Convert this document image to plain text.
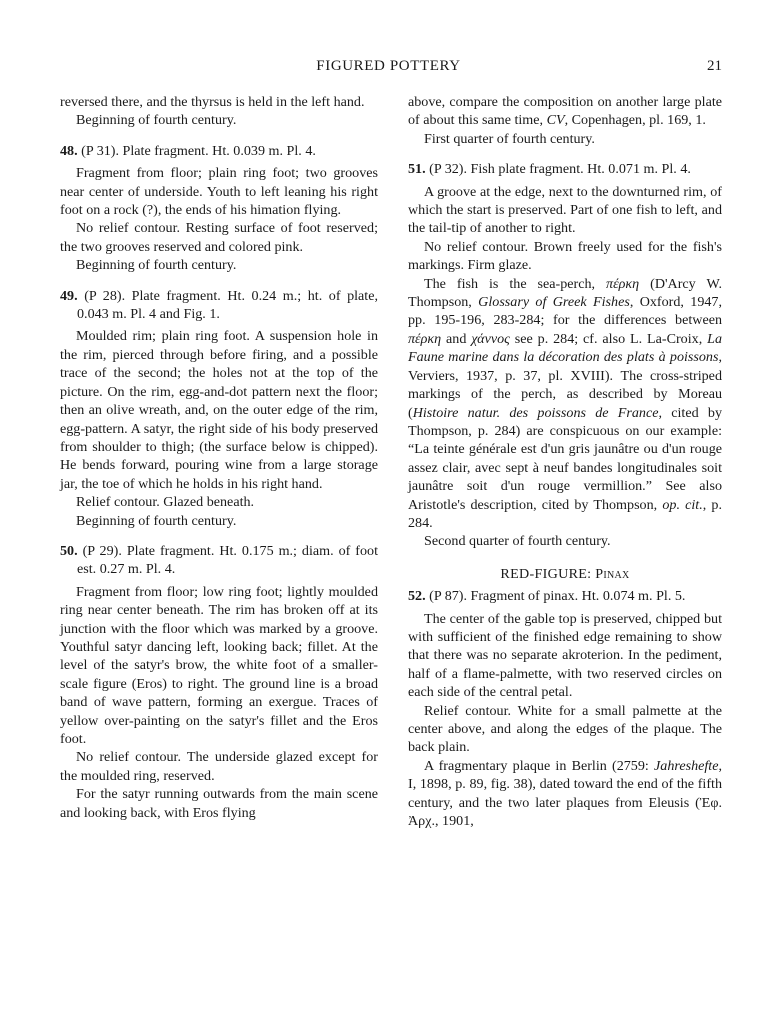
FIGURED POTTERY	21

reversed there, and the thyrsus is held in the left hand.

Beginning of fourth century.

48. (P 31). Plate fragment. Ht. 0.039 m. Pl. 4.

Fragment from floor; plain ring foot; two grooves near center of underside. Youth to left leaning his right foot on a rock (?), the ends of his himation flying.

No relief contour. Resting surface of foot reserved; the two grooves reserved and colored pink.

Beginning of fourth century.

49. (P 28). Plate fragment. Ht. 0.24 m.; ht. of plate, 0.043 m. Pl. 4 and Fig. 1.

Moulded rim; plain ring foot. A suspension hole in the rim, pierced through before firing, and a possible trace of the second; the holes not at the top of the picture. On the rim, egg-and-dot pattern next the floor; then an olive wreath, and, on the outer edge of the rim, egg-pattern. A satyr, the right side of his body preserved from shoulder to thigh; (the surface below is chipped). He bends forward, pouring wine from a large storage jar, the toe of which he holds in his right hand.

Relief contour. Glazed beneath.

Beginning of fourth century.

50. (P 29). Plate fragment. Ht. 0.175 m.; diam. of foot est. 0.27 m. Pl. 4.

Fragment from floor; low ring foot; lightly moulded ring near center beneath. The rim has broken off at its junction with the floor which was marked by a groove. Youthful satyr dancing left, looking back; fillet. At the level of the satyr's brow, the white foot of a smaller-scale figure (Eros) to right. The ground line is a broad band of wave pattern, forming an exergue. Traces of yellow over-painting on the satyr's fillet and the Eros foot.

No relief contour. The underside glazed except for the moulded ring, reserved.

For the satyr running outwards from the main scene and looking back, with Eros flying

above, compare the composition on another large plate of about this same time, CV, Copenhagen, pl. 169, 1.

First quarter of fourth century.

51. (P 32). Fish plate fragment. Ht. 0.071 m. Pl. 4.

A groove at the edge, next to the downturned rim, of which the start is preserved. Part of one fish to left, and the tail-tip of another to right.

No relief contour. Brown freely used for the fish's markings. Firm glaze.

The fish is the sea-perch, πέρκη (D'Arcy W. Thompson, Glossary of Greek Fishes, Oxford, 1947, pp. 195-196, 283-284; for the differences between πέρκη and χάννος see p. 284; cf. also L. La-Croix, La Faune marine dans la décoration des plats à poissons, Verviers, 1937, p. 37, pl. XVIII). The cross-striped markings of the perch, as described by Moreau (Histoire natur. des poissons de France, cited by Thompson, p. 284) are conspicuous on our example: “La teinte générale est d'un gris jaunâtre ou d'un rouge assez clair, avec sept à neuf bandes longitudinales soit jaunâtre soit d'un rouge vermillion.” See also Aristotle's description, cited by Thompson, op. cit., p. 284.

Second quarter of fourth century.

RED-FIGURE: Pinax

52. (P 87). Fragment of pinax. Ht. 0.074 m. Pl. 5.

The center of the gable top is preserved, chipped but with sufficient of the finished edge remaining to show that there was no separate akroterion. In the pediment, half of a flame-palmette, with two reserved circles on each side of the central petal.

Relief contour. White for a small palmette at the center above, and along the edges of the plaque. The back plain.

A fragmentary plaque in Berlin (2759: Jahreshefte, I, 1898, p. 89, fig. 38), dated toward the end of the fifth century, and the two later plaques from Eleusis (Ἐφ. Ἀρχ., 1901,
